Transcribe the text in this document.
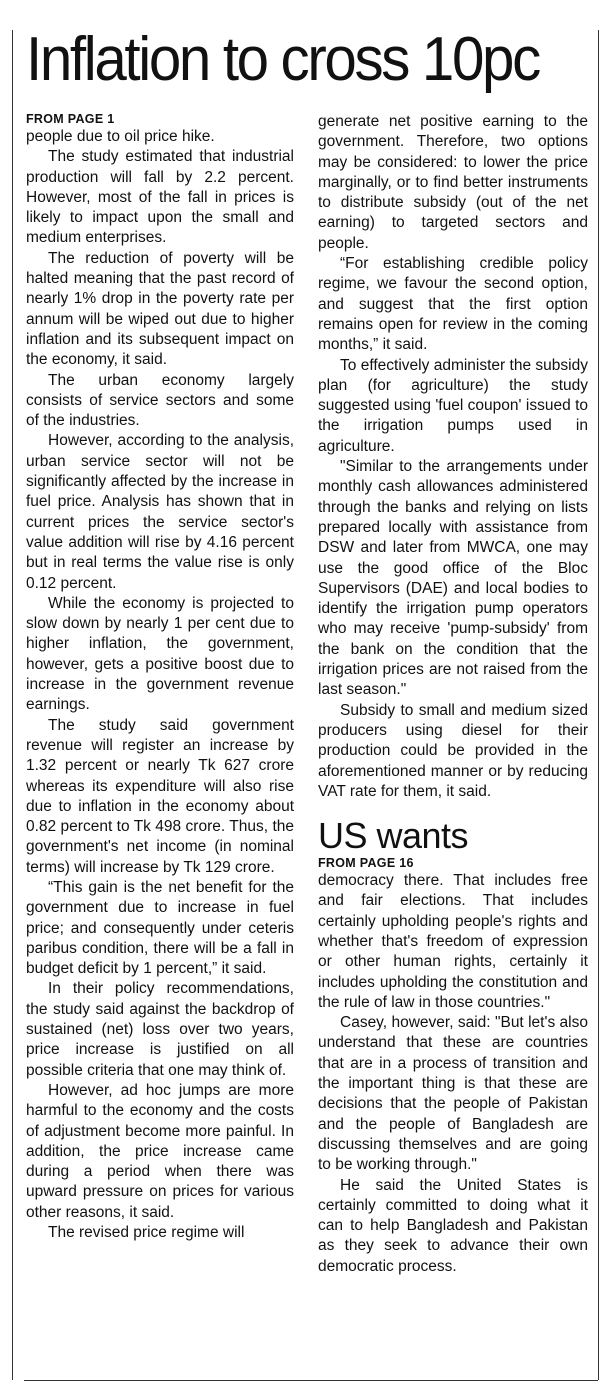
Inflation to cross 10pc
FROM PAGE 1

people due to oil price hike.

The study estimated that industrial production will fall by 2.2 percent. However, most of the fall in prices is likely to impact upon the small and medium enterprises.

The reduction of poverty will be halted meaning that the past record of nearly 1% drop in the poverty rate per annum will be wiped out due to higher inflation and its subsequent impact on the economy, it said.

The urban economy largely consists of service sectors and some of the industries.

However, according to the analysis, urban service sector will not be significantly affected by the increase in fuel price. Analysis has shown that in current prices the service sector's value addition will rise by 4.16 percent but in real terms the value rise is only 0.12 percent.

While the economy is projected to slow down by nearly 1 per cent due to higher inflation, the government, however, gets a positive boost due to increase in the government revenue earnings.

The study said government revenue will register an increase by 1.32 percent or nearly Tk 627 crore whereas its expenditure will also rise due to inflation in the economy about 0.82 percent to Tk 498 crore. Thus, the government's net income (in nominal terms) will increase by Tk 129 crore.

“This gain is the net benefit for the government due to increase in fuel price; and consequently under ceteris paribus condition, there will be a fall in budget deficit by 1 percent,” it said.

In their policy recommendations, the study said against the backdrop of sustained (net) loss over two years, price increase is justified on all possible criteria that one may think of.

However, ad hoc jumps are more harmful to the economy and the costs of adjustment become more painful. In addition, the price increase came during a period when there was upward pressure on prices for various other reasons, it said.

The revised price regime will

generate net positive earning to the government. Therefore, two options may be considered: to lower the price marginally, or to find better instruments to distribute subsidy (out of the net earning) to targeted sectors and people.

“For establishing credible policy regime, we favour the second option, and suggest that the first option remains open for review in the coming months,” it said.

To effectively administer the subsidy plan (for agriculture) the study suggested using 'fuel coupon' issued to the irrigation pumps used in agriculture.

"Similar to the arrangements under monthly cash allowances administered through the banks and relying on lists prepared locally with assistance from DSW and later from MWCA, one may use the good office of the Bloc Supervisors (DAE) and local bodies to identify the irrigation pump operators who may receive 'pump-subsidy' from the bank on the condition that the irrigation prices are not raised from the last season."

Subsidy to small and medium sized producers using diesel for their production could be provided in the aforementioned manner or by reducing VAT rate for them, it said.

US wants
FROM PAGE 16

democracy there. That includes free and fair elections. That includes certainly upholding people's rights and whether that's freedom of expression or other human rights, certainly it includes upholding the constitution and the rule of law in those countries."

Casey, however, said: "But let's also understand that these are countries that are in a process of transition and the important thing is that these are decisions that the people of Pakistan and the people of Bangladesh are discussing themselves and are going to be working through."

He said the United States is certainly committed to doing what it can to help Bangladesh and Pakistan as they seek to advance their own democratic process.
